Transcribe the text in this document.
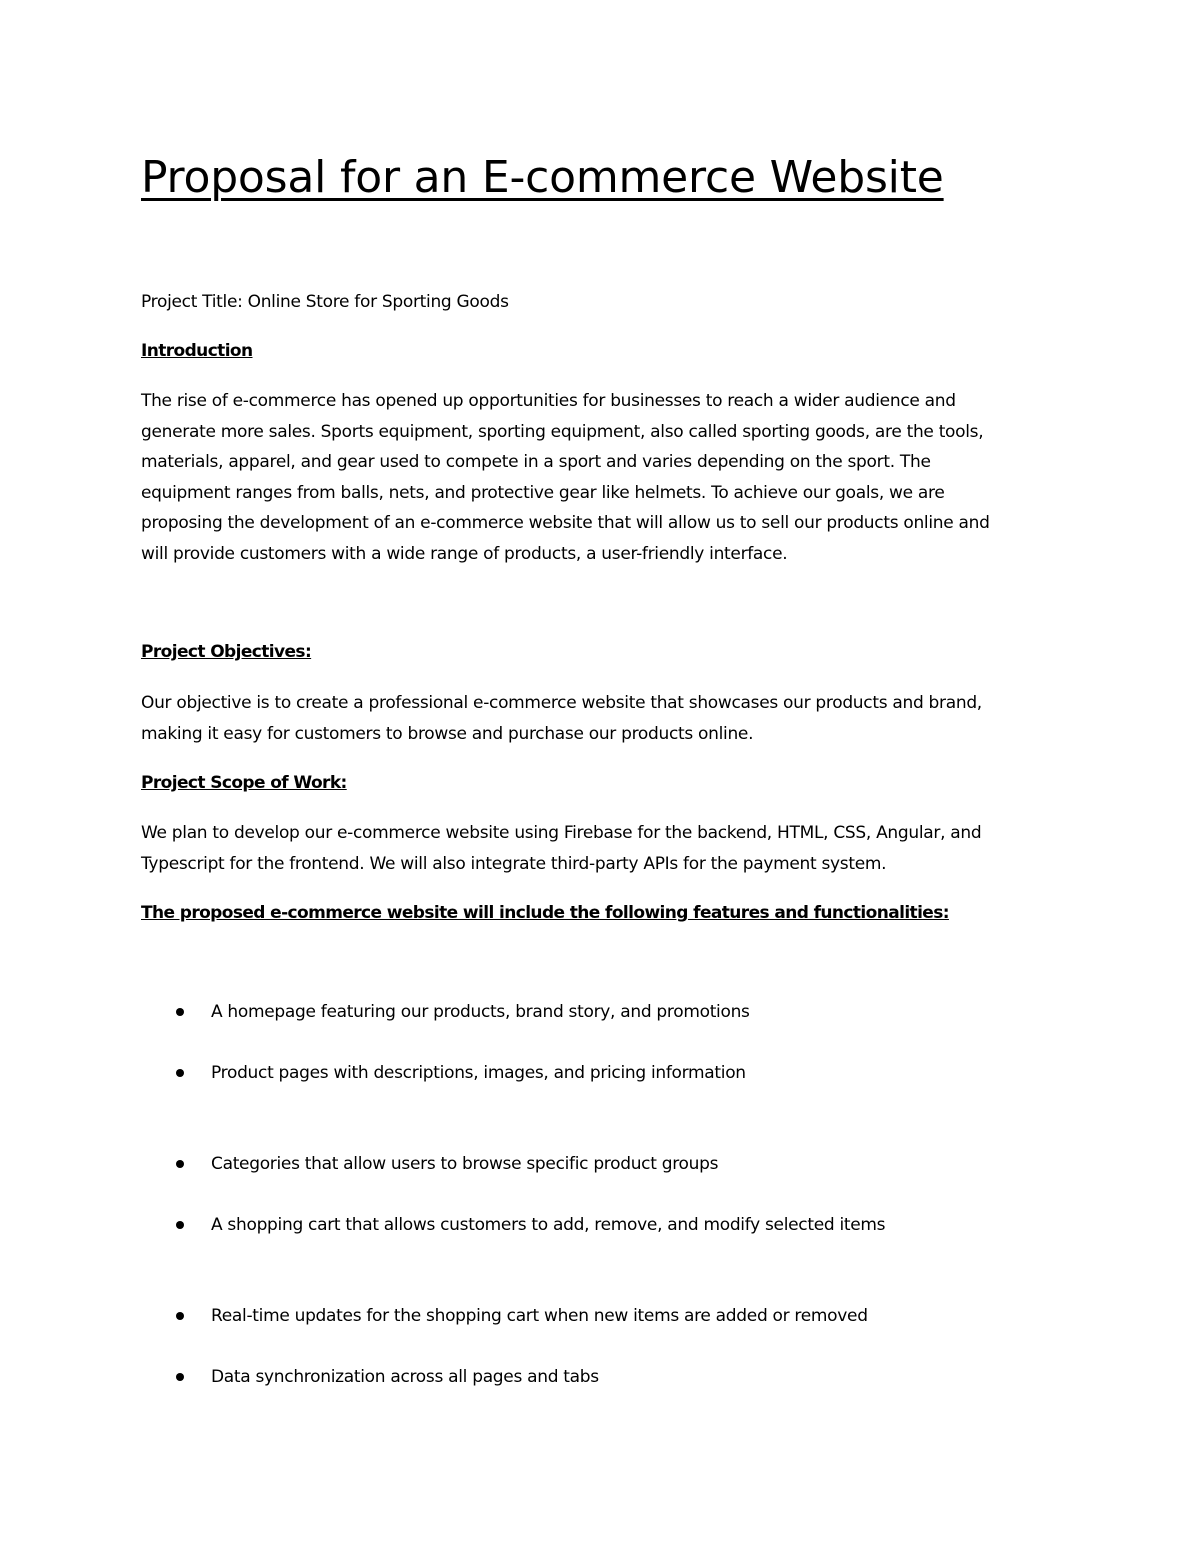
Proposal for an E-commerce Website
Project Title: Online Store for Sporting Goods
Introduction
The rise of e-commerce has opened up opportunities for businesses to reach a wider audience and
generate more sales. Sports equipment, sporting equipment, also called sporting goods, are the tools,
materials, apparel, and gear used to compete in a sport and varies depending on the sport. The
equipment ranges from balls, nets, and protective gear like helmets. To achieve our goals, we are
proposing the development of an e-commerce website that will allow us to sell our products online and
will provide customers with a wide range of products, a user-friendly interface.
Project Objectives:
Our objective is to create a professional e-commerce website that showcases our products and brand,
making it easy for customers to browse and purchase our products online.
Project Scope of Work:
We plan to develop our e-commerce website using Firebase for the backend, HTML, CSS, Angular, and
Typescript for the frontend. We will also integrate third-party APIs for the payment system.
The proposed e-commerce website will include the following features and functionalities:
A homepage featuring our products, brand story, and promotions
Product pages with descriptions, images, and pricing information
Categories that allow users to browse specific product groups
A shopping cart that allows customers to add, remove, and modify selected items
Real-time updates for the shopping cart when new items are added or removed
Data synchronization across all pages and tabs
